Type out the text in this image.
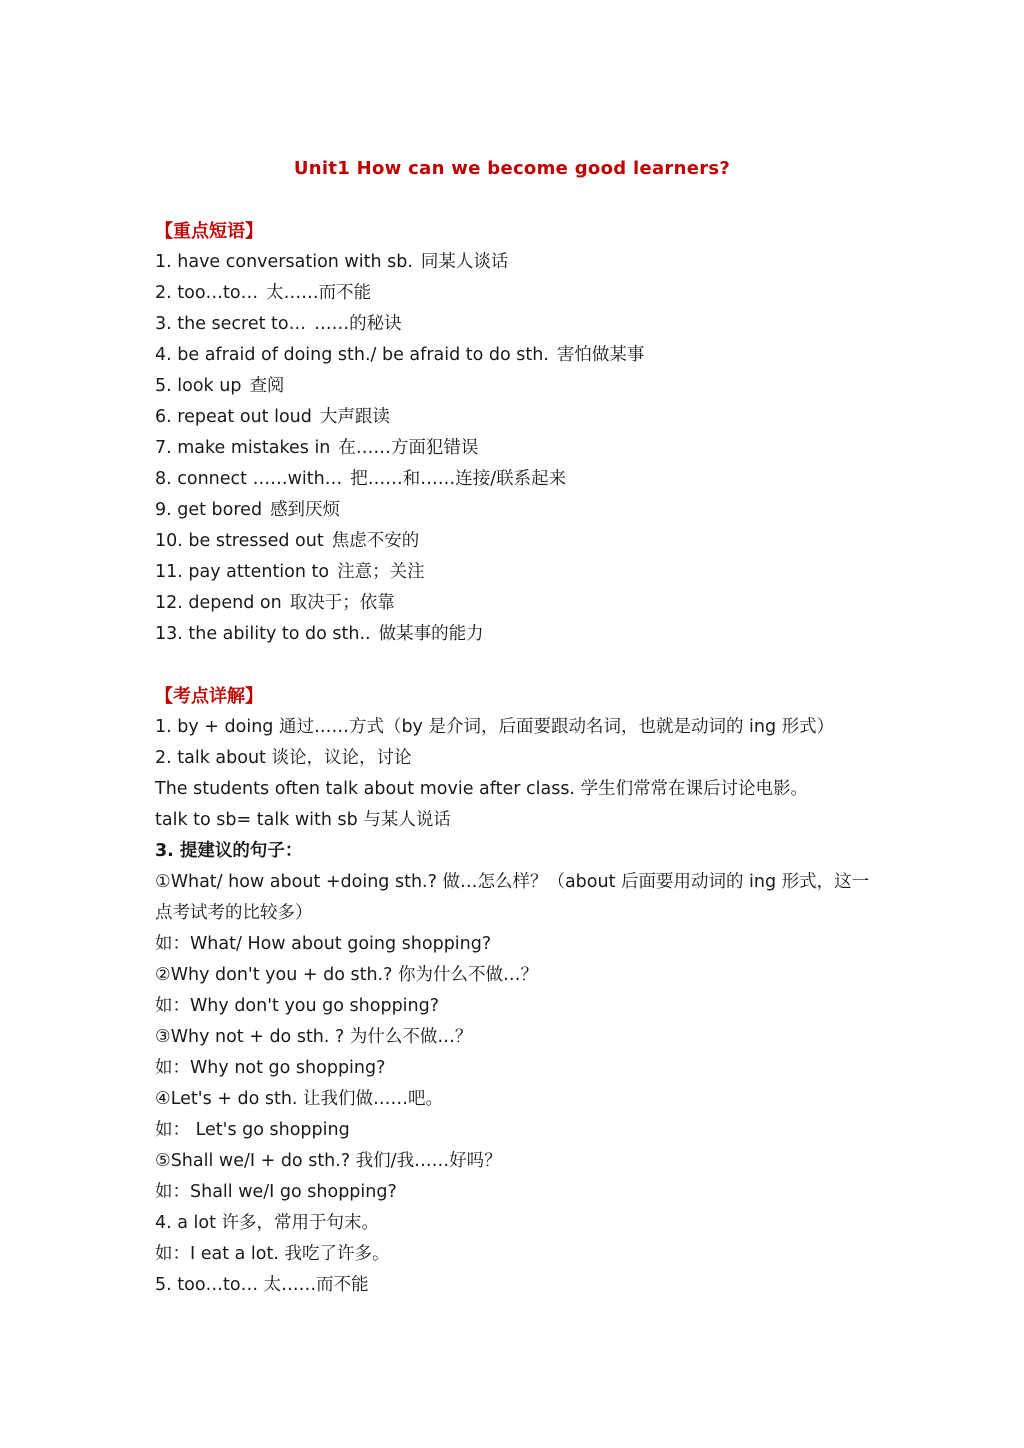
Unit1 How can we become good learners?
【重点短语】
1. have conversation with sb. 同某人谈话
2. too…to… 太……而不能
3. the secret to… ……的秘诀
4. be afraid of doing sth./ be afraid to do sth. 害怕做某事
5. look up 查阅
6. repeat out loud 大声跟读
7. make mistakes in 在……方面犯错误
8. connect ……with… 把……和……连接/联系起来
9. get bored 感到厌烦
10. be stressed out 焦虑不安的
11. pay attention to 注意；关注
12. depend on 取决于；依靠
13. the ability to do sth.. 做某事的能力
【考点详解】
1. by + doing 通过……方式（by 是介词，后面要跟动名词，也就是动词的 ing 形式）
2. talk about 谈论，议论，讨论
The students often talk about movie after class. 学生们常常在课后讨论电影。
talk to sb= talk with sb 与某人说话
3. 提建议的句子：
①What/ how about +doing sth.? 做…怎么样？（about 后面要用动词的 ing 形式，这一点考试考的比较多）
如：What/ How about going shopping?
②Why don't you + do sth.? 你为什么不做…？
如：Why don't you go shopping?
③Why not + do sth. ? 为什么不做…？
如：Why not go shopping?
④Let's + do sth. 让我们做……吧。
如： Let's go shopping
⑤Shall we/I + do sth.? 我们/我……好吗？
如：Shall we/I go shopping?
4. a lot 许多，常用于句末。
如：I eat a lot. 我吃了许多。
5. too…to… 太……而不能
